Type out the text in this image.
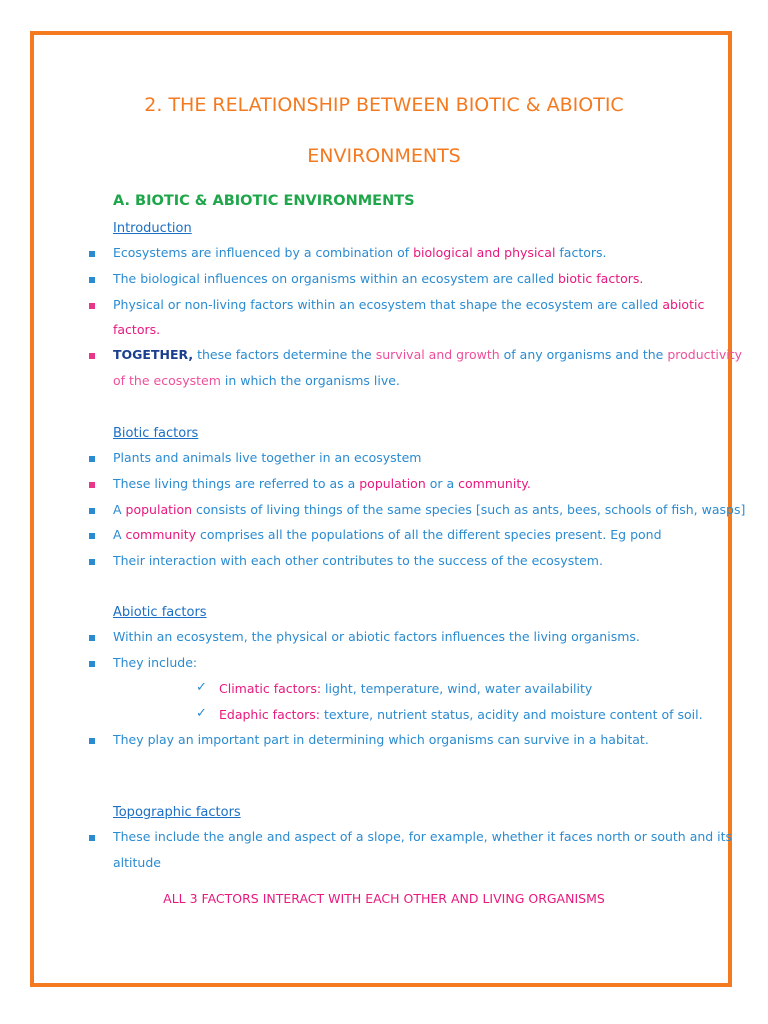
2. THE RELATIONSHIP BETWEEN BIOTIC & ABIOTIC
ENVIRONMENTS
A. BIOTIC & ABIOTIC ENVIRONMENTS
Introduction
Ecosystems are influenced by a combination of biological and physical factors.
The biological influences on organisms within an ecosystem are called biotic factors.
Physical or non-living factors within an ecosystem that shape the ecosystem are called abiotic
factors.
TOGETHER, these factors determine the survival and growth of any organisms and the productivity
of the ecosystem in which the organisms live.
Biotic factors
Plants and animals live together in an ecosystem
These living things are referred to as a population or a community.
A population consists of living things of the same species [such as ants, bees, schools of fish, wasps]
A community comprises all the populations of all the different species present. Eg pond
Their interaction with each other contributes to the success of the ecosystem.
Abiotic factors
Within an ecosystem, the physical or abiotic factors influences the living organisms.
They include:
✓ Climatic factors: light, temperature, wind, water availability
✓ Edaphic factors: texture, nutrient status, acidity and moisture content of soil.
They play an important part in determining which organisms can survive in a habitat.
Topographic factors
These include the angle and aspect of a slope, for example, whether it faces north or south and its
altitude
ALL 3 FACTORS INTERACT WITH EACH OTHER AND LIVING ORGANISMS
